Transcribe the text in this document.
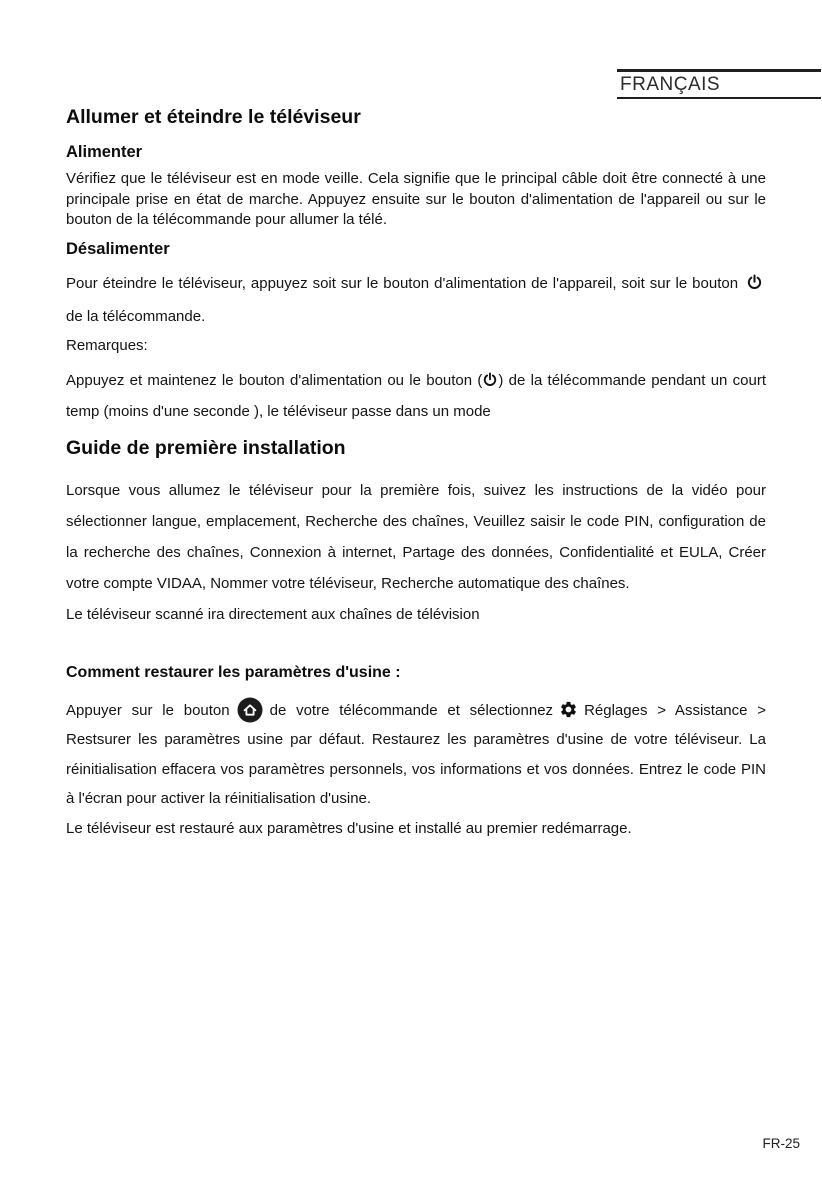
FRANÇAIS
Allumer et éteindre le téléviseur
Alimenter

Vérifiez que le téléviseur est en mode veille. Cela signifie que le principal câble doit être connecté à une principale prise en état de marche. Appuyez ensuite sur le bouton d'alimentation de l'appareil ou sur le bouton de la télécommande pour allumer la télé.

Désalimenter

Pour éteindre le téléviseur, appuyez soit sur le bouton d'alimentation de l'appareil, soit sur le bouton  de la télécommande.

Remarques:

Appuyez et maintenez le bouton d'alimentation ou le bouton ( ) de la télécommande pendant un court temp (moins d'une seconde ), le téléviseur passe dans un mode

Guide de première installation

Lorsque vous allumez le téléviseur pour la première fois, suivez les instructions de la vidéo pour sélectionner langue, emplacement, Recherche des chaînes, Veuillez saisir le code PIN, configuration de la recherche des chaînes, Connexion à internet, Partage des données, Confidentialité et EULA, Créer votre compte VIDAA, Nommer votre téléviseur, Recherche automatique des chaînes.

Le téléviseur scanné ira directement aux chaînes de télévision

Comment restaurer les paramètres d'usine :

Appuyer sur le bouton	de votre télécommande et sélectionnez Réglages > Assistance > Restsurer les paramètres usine par défaut. Restaurez les paramètres d'usine de votre téléviseur. La réinitialisation effacera vos paramètres personnels, vos informations et vos données. Entrez le code PIN à l'écran pour activer la réinitialisation d'usine.

Le téléviseur est restauré aux paramètres d'usine et installé au premier redémarrage.

FR-25
